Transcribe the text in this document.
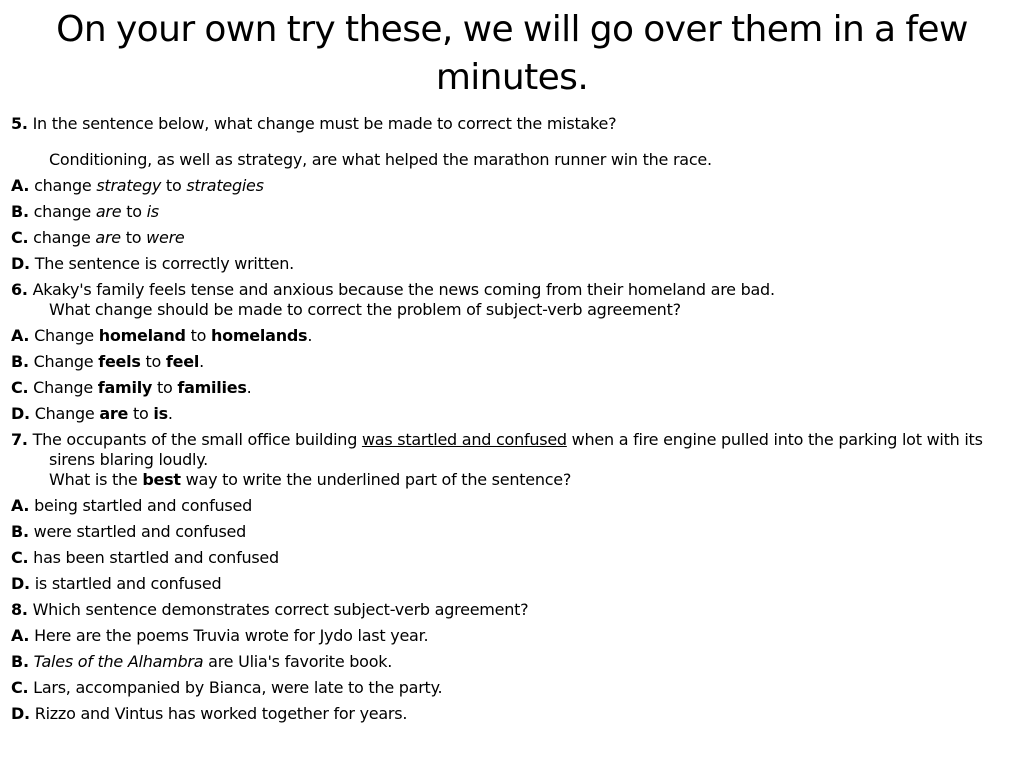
On your own try these, we will go over them in a few minutes.

5. In the sentence below, what change must be made to correct the mistake?

Conditioning, as well as strategy, are what helped the marathon runner win the race.

A. change strategy to strategies

B. change are to is

C. change are to were

D. The sentence is correctly written.

6. Akaky's family feels tense and anxious because the news coming from their homeland are bad.

What change should be made to correct the problem of subject-verb agreement?

A. Change homeland to homelands.

B. Change feels to feel.

C. Change family to families.

D. Change are to is.

7. The occupants of the small office building was startled and confused when a fire engine pulled into the parking lot with its sirens blaring loudly.

What is the best way to write the underlined part of the sentence?

A. being startled and confused

B. were startled and confused

C. has been startled and confused

D. is startled and confused

8. Which sentence demonstrates correct subject-verb agreement?

A. Here are the poems Truvia wrote for Jydo last year.

B. Tales of the Alhambra are Ulia's favorite book.

C. Lars, accompanied by Bianca, were late to the party.

D. Rizzo and Vintus has worked together for years.
